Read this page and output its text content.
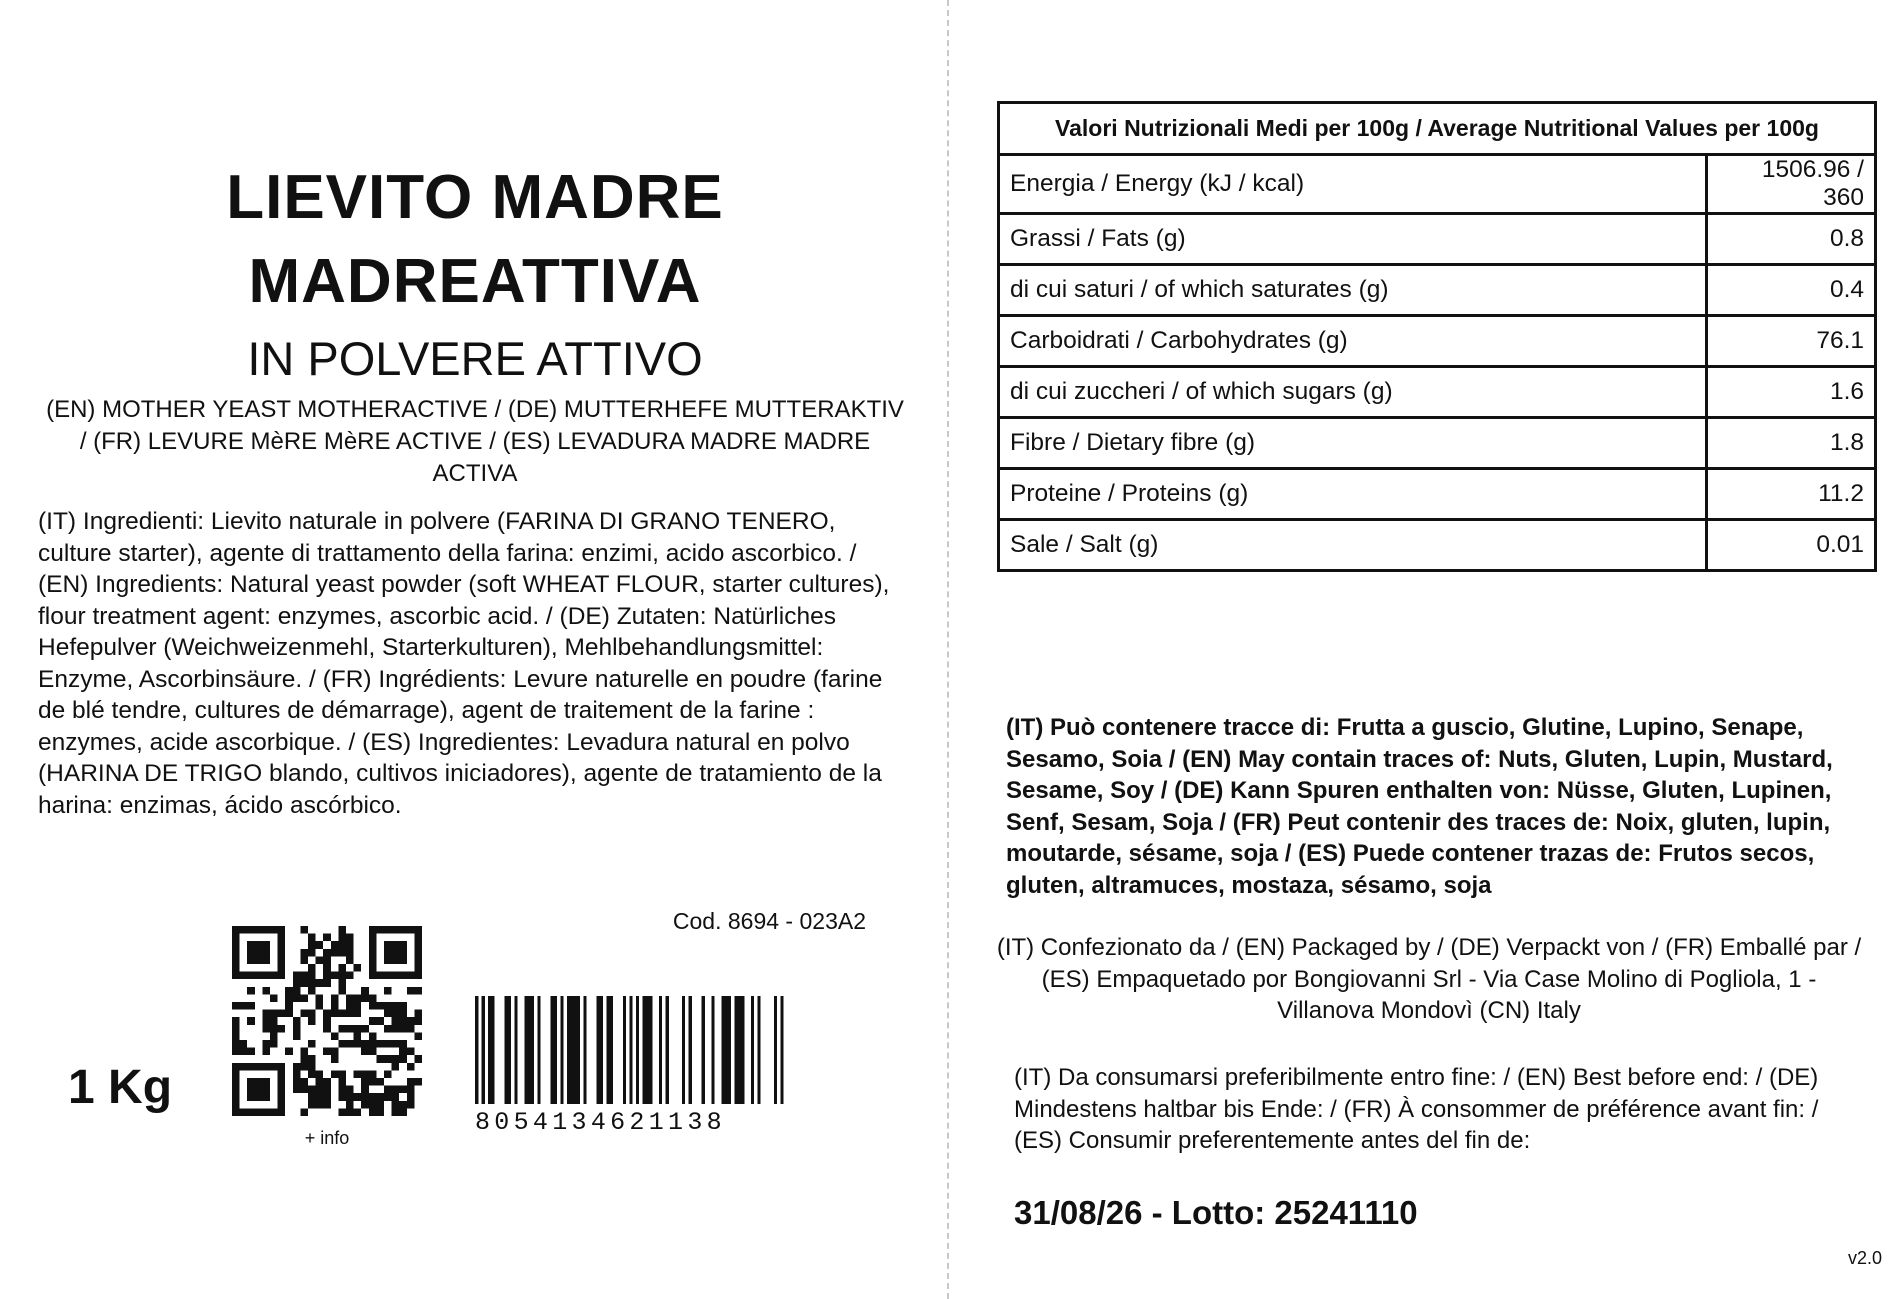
LIEVITO MADRE
MADREATTIVA
IN POLVERE ATTIVO
(EN) MOTHER YEAST MOTHERACTIVE / (DE) MUTTERHEFE MUTTERAKTIV / (FR) LEVURE MèRE MèRE ACTIVE / (ES) LEVADURA MADRE MADRE ACTIVA
(IT) Ingredienti: Lievito naturale in polvere (FARINA DI GRANO TENERO, culture starter), agente di trattamento della farina: enzimi, acido ascorbico. / (EN) Ingredients: Natural yeast powder (soft WHEAT FLOUR, starter cultures), flour treatment agent: enzymes, ascorbic acid. / (DE) Zutaten: Natürliches Hefepulver (Weichweizenmehl, Starterkulturen), Mehlbehandlungsmittel: Enzyme, Ascorbinsäure. / (FR) Ingrédients: Levure naturelle en poudre (farine de blé tendre, cultures de démarrage), agent de traitement de la farine : enzymes, acide ascorbique. / (ES) Ingredientes: Levadura natural en polvo (HARINA DE TRIGO blando, cultivos iniciadores), agente de tratamiento de la harina: enzimas, ácido ascórbico.
Cod. 8694 - 023A2
1 Kg
+ info
8054134621138
Valori Nutrizionali Medi per 100g / Average Nutritional Values per 100g	
Energia / Energy (kJ / kcal)	1506.96 / 360
Grassi / Fats (g)	0.8
di cui saturi / of which saturates (g)	0.4
Carboidrati / Carbohydrates (g)	76.1
di cui zuccheri / of which sugars (g)	1.6
Fibre / Dietary fibre (g)	1.8
Proteine / Proteins (g)	11.2
Sale / Salt (g)	0.01
(IT) Può contenere tracce di: Frutta a guscio, Glutine, Lupino, Senape, Sesamo, Soia / (EN) May contain traces of: Nuts, Gluten, Lupin, Mustard, Sesame, Soy / (DE) Kann Spuren enthalten von: Nüsse, Gluten, Lupinen, Senf, Sesam, Soja / (FR) Peut contenir des traces de: Noix, gluten, lupin, moutarde, sésame, soja / (ES) Puede contener trazas de: Frutos secos, gluten, altramuces, mostaza, sésamo, soja
(IT) Confezionato da / (EN) Packaged by / (DE) Verpackt von / (FR) Emballé par / (ES) Empaquetado por Bongiovanni Srl - Via Case Molino di Pogliola, 1 - Villanova Mondovì (CN) Italy
(IT) Da consumarsi preferibilmente entro fine: / (EN) Best before end: / (DE) Mindestens haltbar bis Ende: / (FR) À consommer de préférence avant fin: / (ES) Consumir preferentemente antes del fin de:
31/08/26 - Lotto: 25241110
v2.0
